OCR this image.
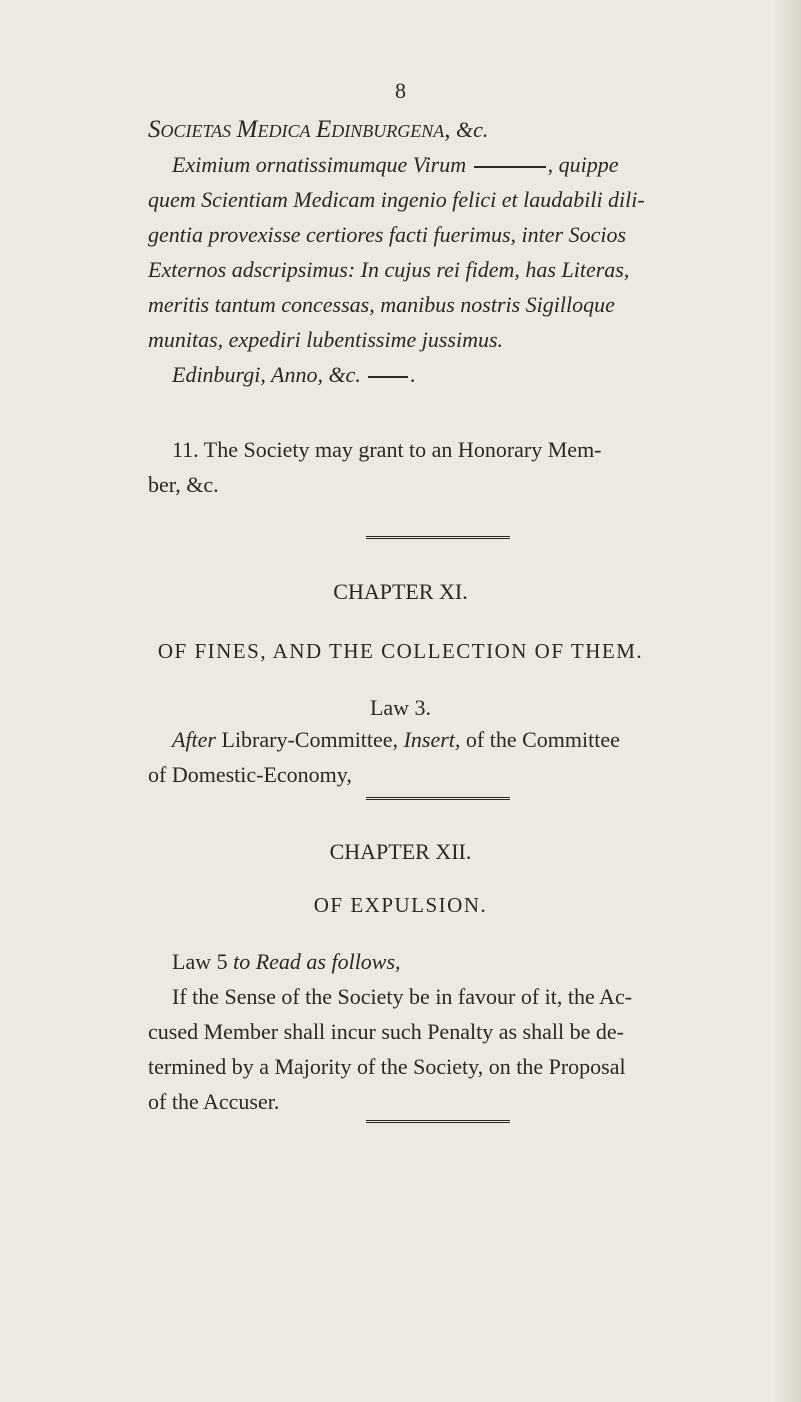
8
Societas Medica Edinburgena, &c.
Eximium ornatissimumque Virum	, quippe
quem Scientiam Medicam ingenio felici et laudabili dili-
gentia provexisse certiores facti fuerimus, inter Socios
Externos adscripsimus: In cujus rei fidem, has Literas,
meritis tantum concessas, manibus nostris Sigilloque
munitas, expediri lubentissime jussimus.
Edinburgi, Anno, &c. .
11. The Society may grant to an Honorary Mem-
ber, &c.
CHAPTER XI.
OF FINES, AND THE COLLECTION OF THEM.
Law 3.
After Library-Committee, Insert, of the Committee
of Domestic-Economy,
CHAPTER XII.
OF EXPULSION.
Law 5 to Read as follows,
If the Sense of the Society be in favour of it, the Ac-
cused Member shall incur such Penalty as shall be de-
termined by a Majority of the Society, on the Proposal
of the Accuser.
